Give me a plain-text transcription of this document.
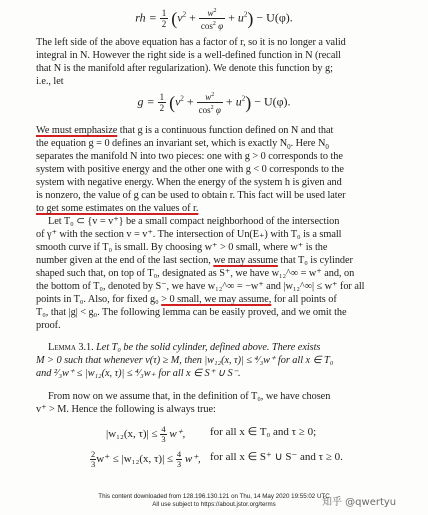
rh = $\frac{1}{2} (v^2 + \frac{w^2}{\cos^2 \varphi} + u^2) - U(\varphi)$.
The left side of the above equation has a factor of r, so it is no longer a valid
integral in N. However the right side is a well-defined function in N (recall
that N is the manifold after regularization). We denote this function by g;
i.e., let
$g = \frac{1}{2} (v^2 + \frac{w^2}{\cos^2 \varphi} + u^2) - U(\varphi)$.
We must emphasize that g is a continuous function defined on N and that
the equation g = 0 defines an invariant set, which is exactly $N_0$. Here $N_0$
separates the manifold N into two pieces: one with g > 0 corresponds to the
system with positive energy and the other one with g < 0 corresponds to the
system with negative energy. When the energy of the system h is given and
is nonzero, the value of g can be used to obtain r. This fact will be used later
to get some estimates on the values of r.
Let T₀ ⊂ {v = v⁺} be a small compact neighborhood of the intersection
of γ⁺ with the section v = v⁺. The intersection of Un(E₊) with T₀ is a small
smooth curve if T₀ is small. By choosing w⁺ > 0 small, where w⁺ is the
number given at the end of the last section, we may assume that T₀ is cylinder
shaped such that, on top of T₀, designated as S⁺, we have w₁₂^∞ = w⁺ and, on
the bottom of T₀, denoted by S⁻, we have w₁₂^∞ = −w⁺ and |w₁₂^∞| ≤ w⁺ for all
points in T₀. Also, for fixed g₀ > 0 small, we may assume, for all points of
T₀, that |g| < g₀. The following lemma can be easily proved, and we omit the
proof.
Lemma 3.1. Let T₀ be the solid cylinder, defined above. There exists
M > 0 such that whenever v(τ) ≥ M, then |w₁₂(x, τ)| ≤ ⁴⁄₃w⁺ for all x ∈ T₀
and ²⁄₃w⁺ ≤ |w₁₂(x, τ)| ≤ ⁴⁄₃w₊ for all x ∈ S⁺ ∪ S⁻.
From now on we assume that, in the definition of T₀, we have chosen
v⁺ > M. Hence the following is always true:
|w₁₂(x, $\tau)| \le \frac{4}{3} w^+$, for all x ∈ T₀ and τ ≥ 0;
$\frac{2}{3} w^+ \le |w_{12}(x$, $\tau)| \le \frac{4}{3} w^+$, for all x ∈ S⁺ ∪ S⁻ and τ ≥ 0.
This content downloaded from 128.196.130.121 on Thu, 14 May 2020 19:55:02 UTC
All use subject to https://about.jstor.org/terms	知乎 @qwertyu
